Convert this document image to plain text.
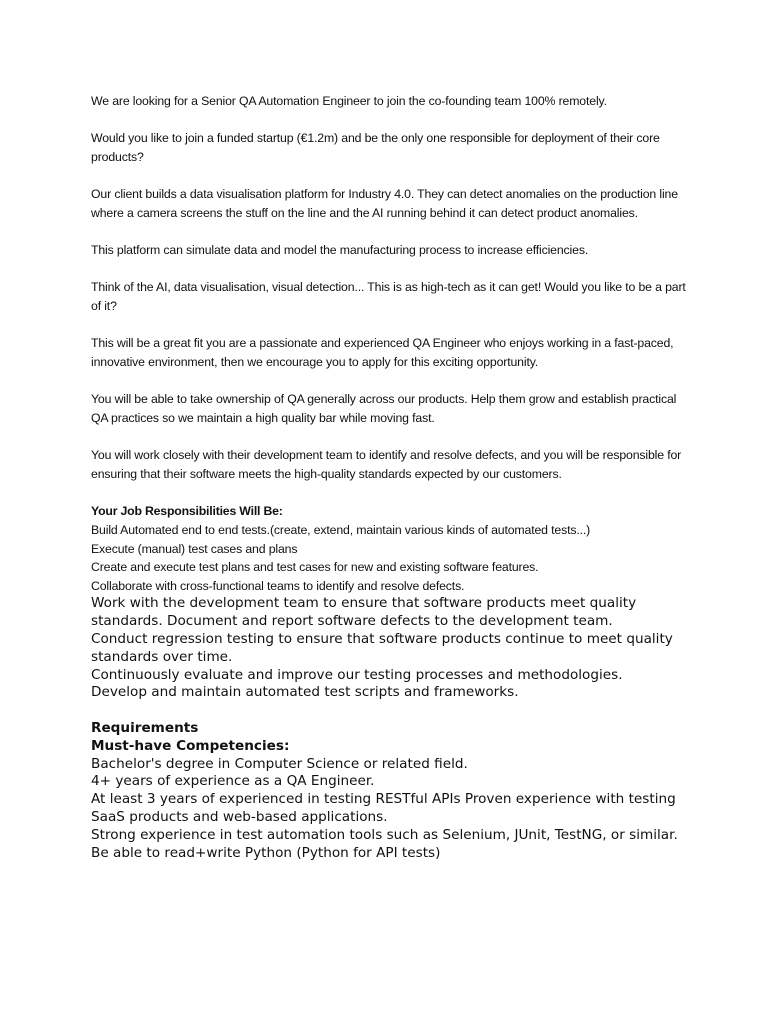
We are looking for a Senior QA Automation Engineer to join the co-founding team 100% remotely.

Would you like to join a funded startup (€1.2m) and be the only one responsible for deployment of their core products?

Our client builds a data visualisation platform for Industry 4.0. They can detect anomalies on the production line where a camera screens the stuff on the line and the AI running behind it can detect product anomalies.

This platform can simulate data and model the manufacturing process to increase efficiencies.

Think of the AI, data visualisation, visual detection... This is as high-tech as it can get! Would you like to be a part of it?

This will be a great fit you are a passionate and experienced QA Engineer who enjoys working in a fast-paced, innovative environment, then we encourage you to apply for this exciting opportunity.

You will be able to take ownership of QA generally across our products. Help them grow and establish practical QA practices so we maintain a high quality bar while moving fast.

You will work closely with their development team to identify and resolve defects, and you will be responsible for ensuring that their software meets the high-quality standards expected by our customers.

Your Job Responsibilities Will Be:

Build Automated end to end tests.(create, extend, maintain various kinds of automated tests...)

Execute (manual) test cases and plans

Create and execute test plans and test cases for new and existing software features.

Collaborate with cross-functional teams to identify and resolve defects.

Work with the development team to ensure that software products meet quality standards. Document and report software defects to the development team.

Conduct regression testing to ensure that software products continue to meet quality standards over time.

Continuously evaluate and improve our testing processes and methodologies.

Develop and maintain automated test scripts and frameworks.

Requirements

Must-have Competencies:

Bachelor's degree in Computer Science or related field.

4+ years of experience as a QA Engineer.

At least 3 years of experienced in testing RESTful APIs Proven experience with testing SaaS products and web-based applications.

Strong experience in test automation tools such as Selenium, JUnit, TestNG, or similar.

Be able to read+write Python (Python for API tests)
